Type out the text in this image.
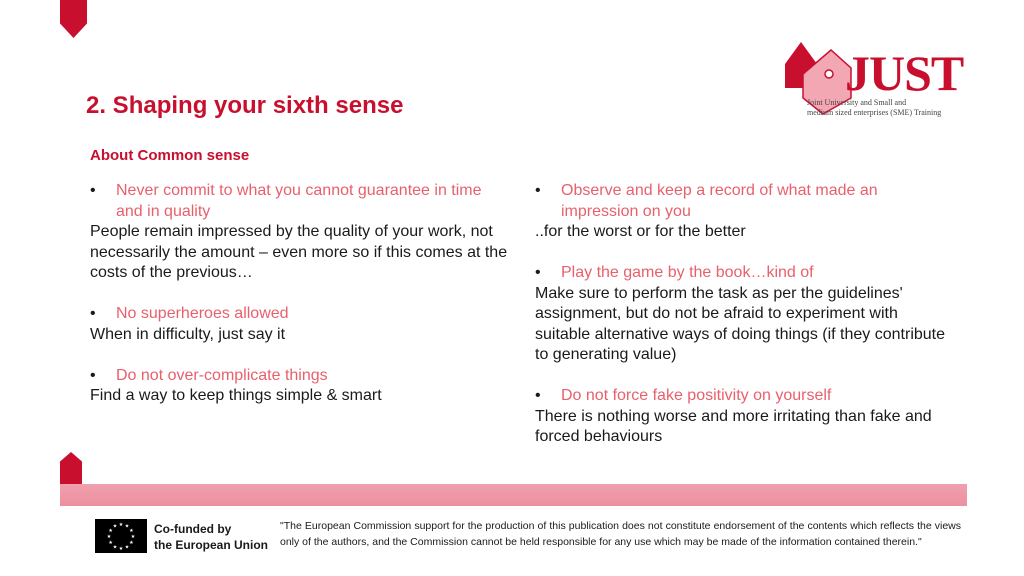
JUST
Joint University and Small and
medium sized enterprises (SME) Training
2. Shaping your sixth sense
About Common sense
•	Never commit to what you cannot guarantee in time and in quality
People remain impressed by the quality of your work, not necessarily the amount – even more so if this comes at the costs of the previous…
•	No superheroes allowed
When in difficulty, just say it
•	Do not over-complicate things
Find a way to keep things simple & smart
•	Observe and keep a record of what made an impression on you
..for the worst or for the better
•	Play the game by the book…kind of
Make sure to perform the task as per the guidelines' assignment, but do not be afraid to experiment with suitable alternative ways of doing things (if they contribute to generating value)
•	Do not force fake positivity on yourself
There is nothing worse and more irritating than fake and forced behaviours
★ ★
★
★
★
★
★
★
★
★
★
★	Co-funded by
the European Union
"The European Commission support for the production of this publication does not constitute endorsement of the contents which reflects the views only of the authors, and the Commission cannot be held responsible for any use which may be made of the information contained therein."
